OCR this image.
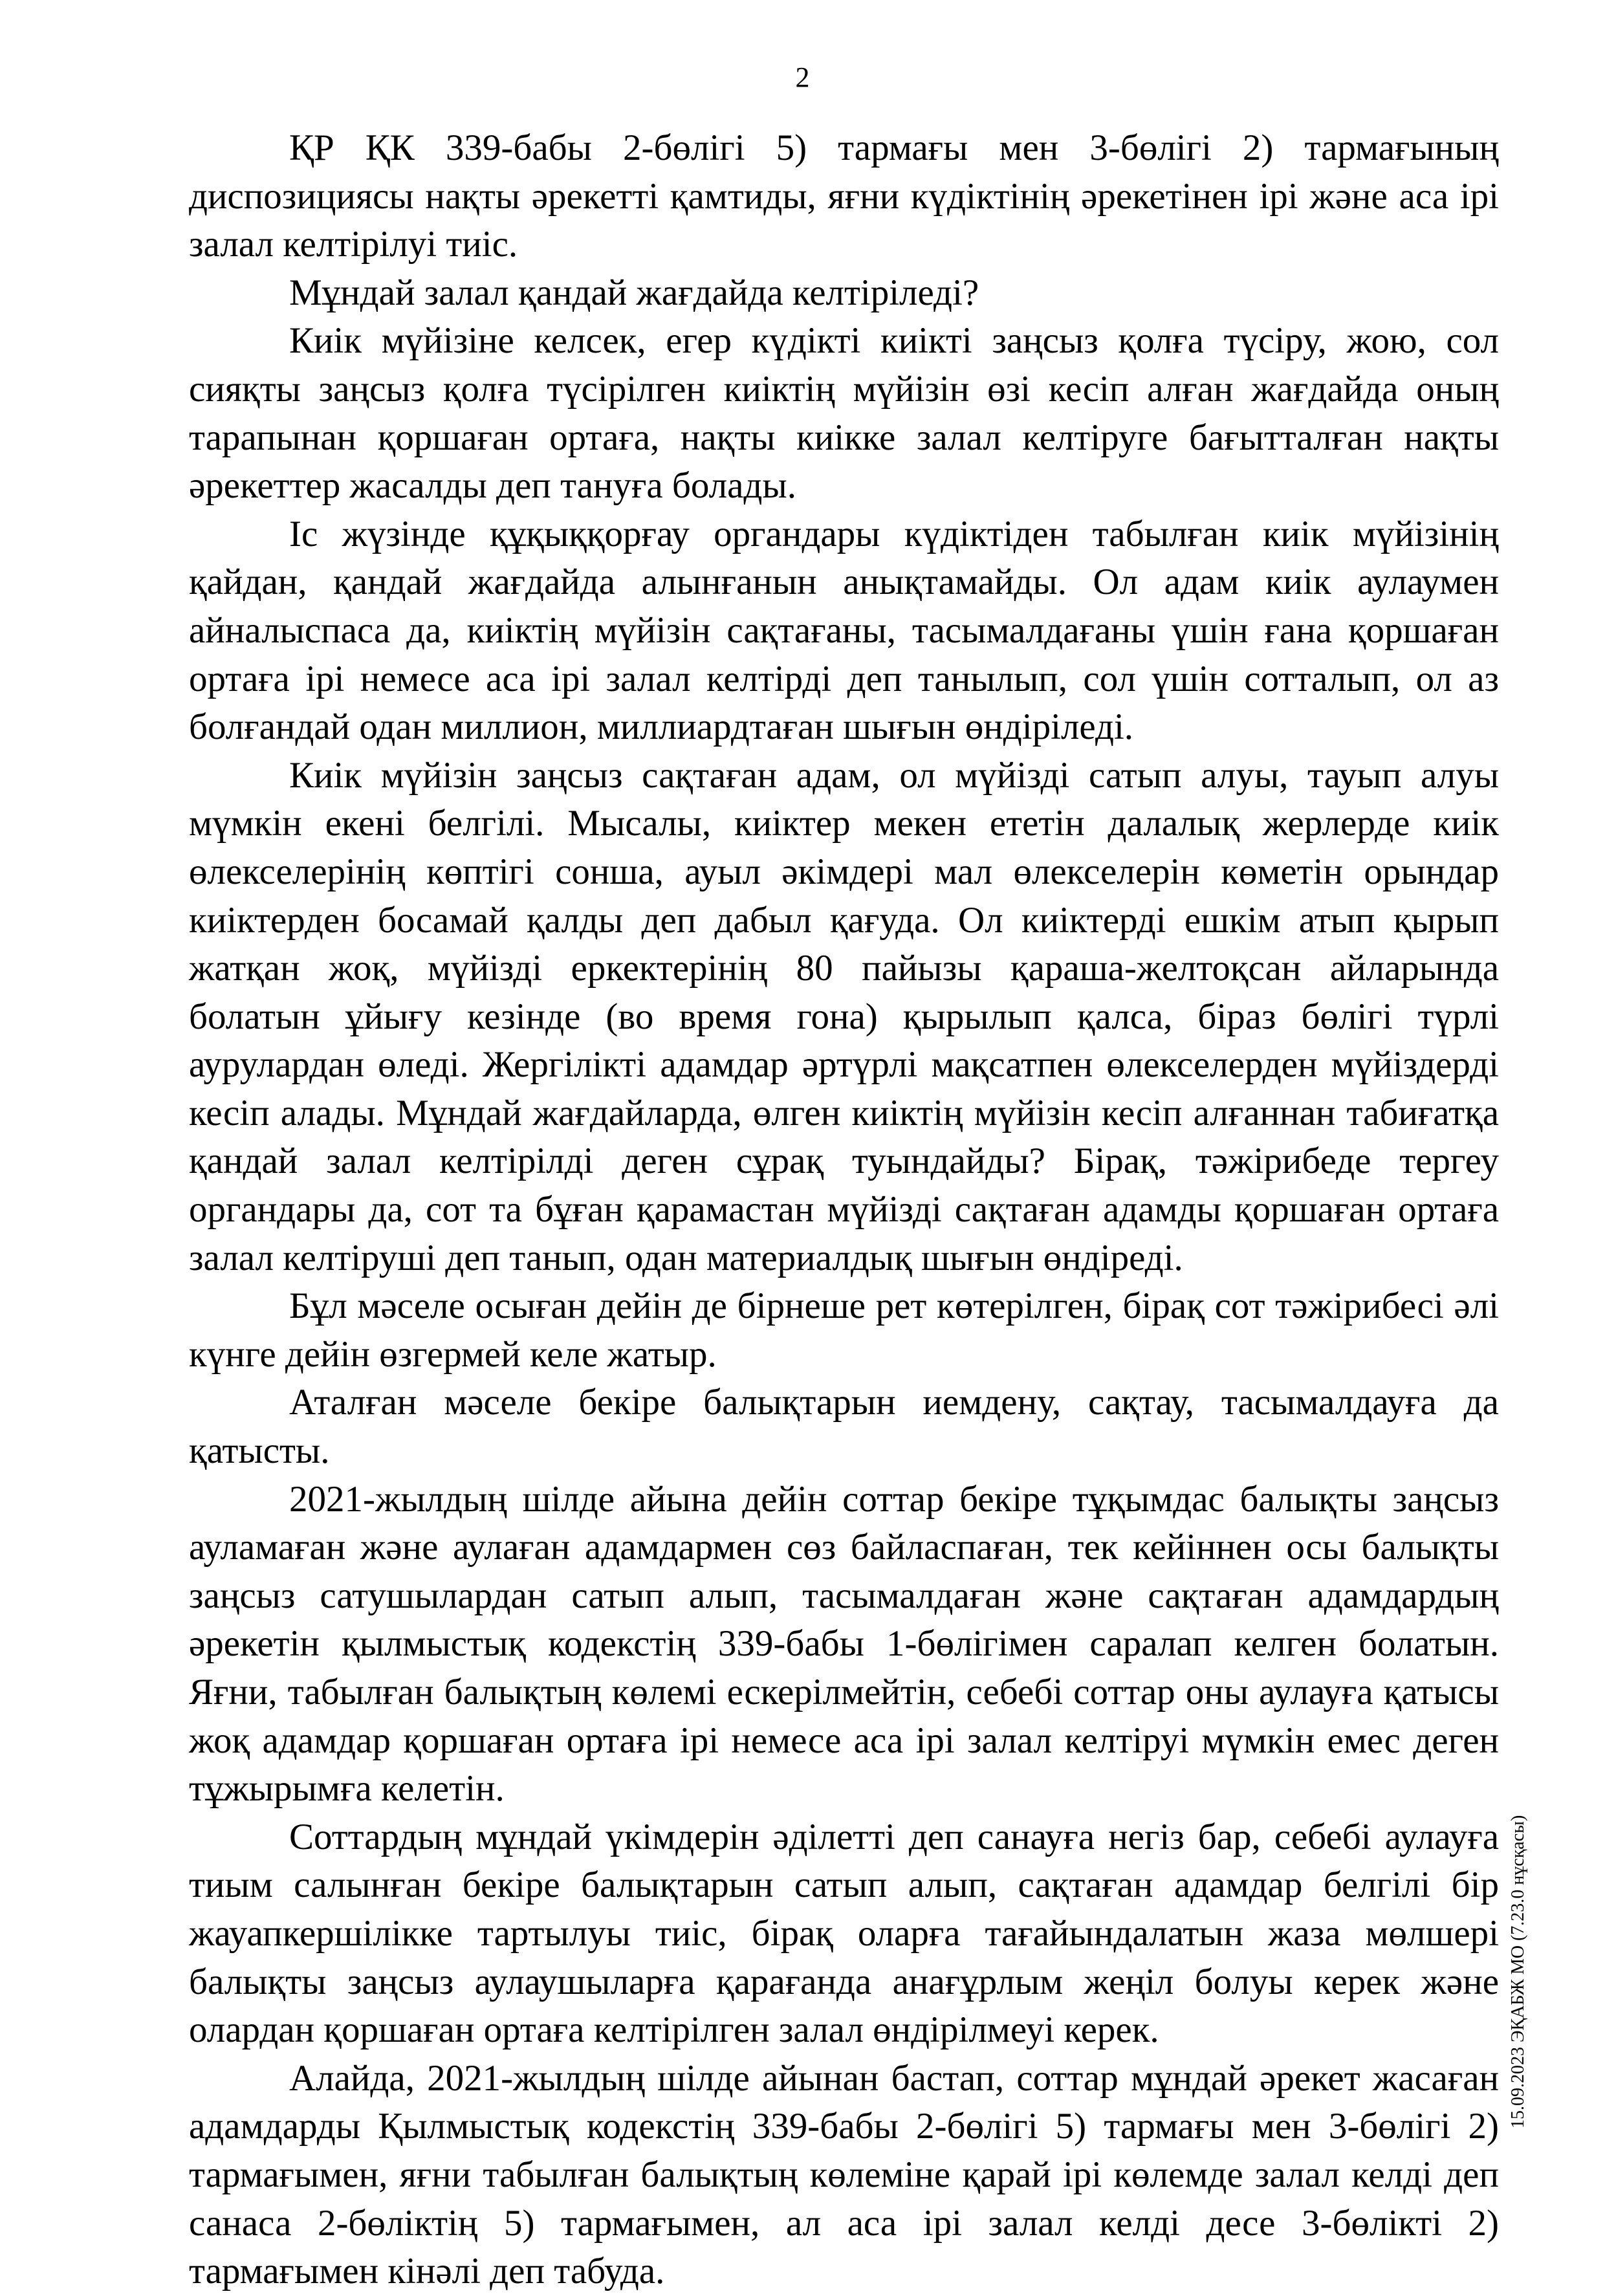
2

ҚР ҚК 339-бабы 2-бөлігі 5) тармағы мен 3-бөлігі 2) тармағының диспозициясы нақты әрекетті қамтиды, яғни күдіктінің әрекетінен ірі және аса ірі залал келтірілуі тиіс.

Мұндай залал қандай жағдайда келтіріледі?

Киік мүйізіне келсек, егер күдікті киікті заңсыз қолға түсіру, жою, сол сияқты заңсыз қолға түсірілген киіктің мүйізін өзі кесіп алған жағдайда оның тарапынан қоршаған ортаға, нақты киікке залал келтіруге бағытталған нақты әрекеттер жасалды деп тануға болады.

Іс жүзінде құқыққорғау органдары күдіктіден табылған киік мүйізінің қайдан, қандай жағдайда алынғанын анықтамайды. Ол адам киік аулаумен айналыспаса да, киіктің мүйізін сақтағаны, тасымалдағаны үшін ғана қоршаған ортаға ірі немесе аса ірі залал келтірді деп танылып, сол үшін сотталып, ол аз болғандай одан миллион, миллиардтаған шығын өндіріледі.

Киік мүйізін заңсыз сақтаған адам, ол мүйізді сатып алуы, тауып алуы мүмкін екені белгілі. Мысалы, киіктер мекен ететін далалық жерлерде киік өлекселерінің көптігі сонша, ауыл әкімдері мал өлекселерін көметін орындар киіктерден босамай қалды деп дабыл қағуда. Ол киіктерді ешкім атып қырып жатқан жоқ, мүйізді еркектерінің 80 пайызы қараша-желтоқсан айларында болатын ұйығу кезінде (во время гона) қырылып қалса, біраз бөлігі түрлі аурулардан өледі. Жергілікті адамдар әртүрлі мақсатпен өлекселерден мүйіздерді кесіп алады. Мұндай жағдайларда, өлген киіктің мүйізін кесіп алғаннан табиғатқа қандай залал келтірілді деген сұрақ туындайды? Бірақ, тәжірибеде тергеу органдары да, сот та бұған қарамастан мүйізді сақтаған адамды қоршаған ортаға залал келтіруші деп танып, одан материалдық шығын өндіреді.

Бұл мәселе осыған дейін де бірнеше рет көтерілген, бірақ сот тәжірибесі әлі күнге дейін өзгермей келе жатыр.

Аталған мәселе бекіре балықтарын иемдену, сақтау, тасымалдауға да қатысты.

2021-жылдың шілде айына дейін соттар бекіре тұқымдас балықты заңсыз ауламаған және аулаған адамдармен сөз байласпаған, тек кейіннен осы балықты заңсыз сатушылардан сатып алып, тасымалдаған және сақтаған адамдардың әрекетін қылмыстық кодекстің 339-бабы 1-бөлігімен саралап келген болатын. Яғни, табылған балықтың көлемі ескерілмейтін, себебі соттар оны аулауға қатысы жоқ адамдар қоршаған ортаға ірі немесе аса ірі залал келтіруі мүмкін емес деген тұжырымға келетін.

Соттардың мұндай үкімдерін әділетті деп санауға негіз бар, себебі аулауға тиым салынған бекіре балықтарын сатып алып, сақтаған адамдар белгілі бір жауапкершілікке тартылуы тиіс, бірақ оларға тағайындалатын жаза мөлшері балықты заңсыз аулаушыларға қарағанда анағұрлым жеңіл болуы керек және олардан қоршаған ортаға келтірілген залал өндірілмеуі керек.

Алайда, 2021-жылдың шілде айынан бастап, соттар мұндай әрекет жасаған адамдарды Қылмыстық кодекстің 339-бабы 2-бөлігі 5) тармағы мен 3-бөлігі 2) тармағымен, яғни табылған балықтың көлеміне қарай ірі көлемде залал келді деп санаса 2-бөліктің 5) тармағымен, ал аса ірі залал келді десе 3-бөлікті 2) тармағымен кінәлі деп табуда.

15.09.2023 ЭҚАБЖ МО (7.23.0 нұсқасы)
